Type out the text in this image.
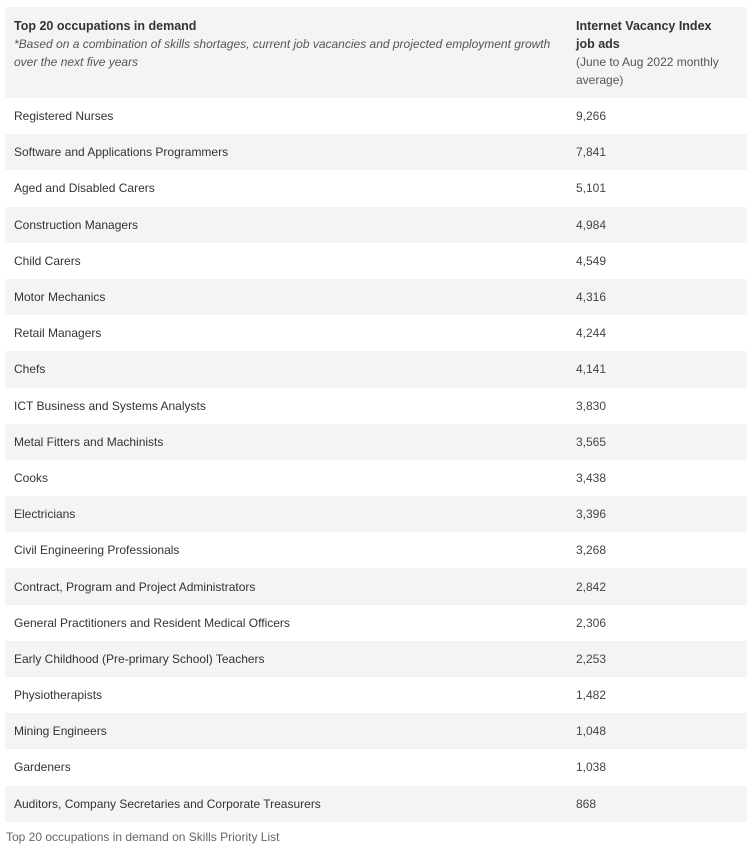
Top 20 occupations in demand
*Based on a combination of skills shortages, current job vacancies and projected employment growth over the next five years
Internet Vacancy Index job ads
(June to Aug 2022 monthly average)
Registered Nurses	9,266
Software and Applications Programmers	7,841
Aged and Disabled Carers	5,101
Construction Managers	4,984
Child Carers	4,549
Motor Mechanics	4,316
Retail Managers	4,244
Chefs	4,141
ICT Business and Systems Analysts	3,830
Metal Fitters and Machinists	3,565
Cooks	3,438
Electricians	3,396
Civil Engineering Professionals	3,268
Contract, Program and Project Administrators	2,842
General Practitioners and Resident Medical Officers	2,306
Early Childhood (Pre-primary School) Teachers	2,253
Physiotherapists	1,482
Mining Engineers	1,048
Gardeners	1,038
Auditors, Company Secretaries and Corporate Treasurers	868
Top 20 occupations in demand on Skills Priority List
